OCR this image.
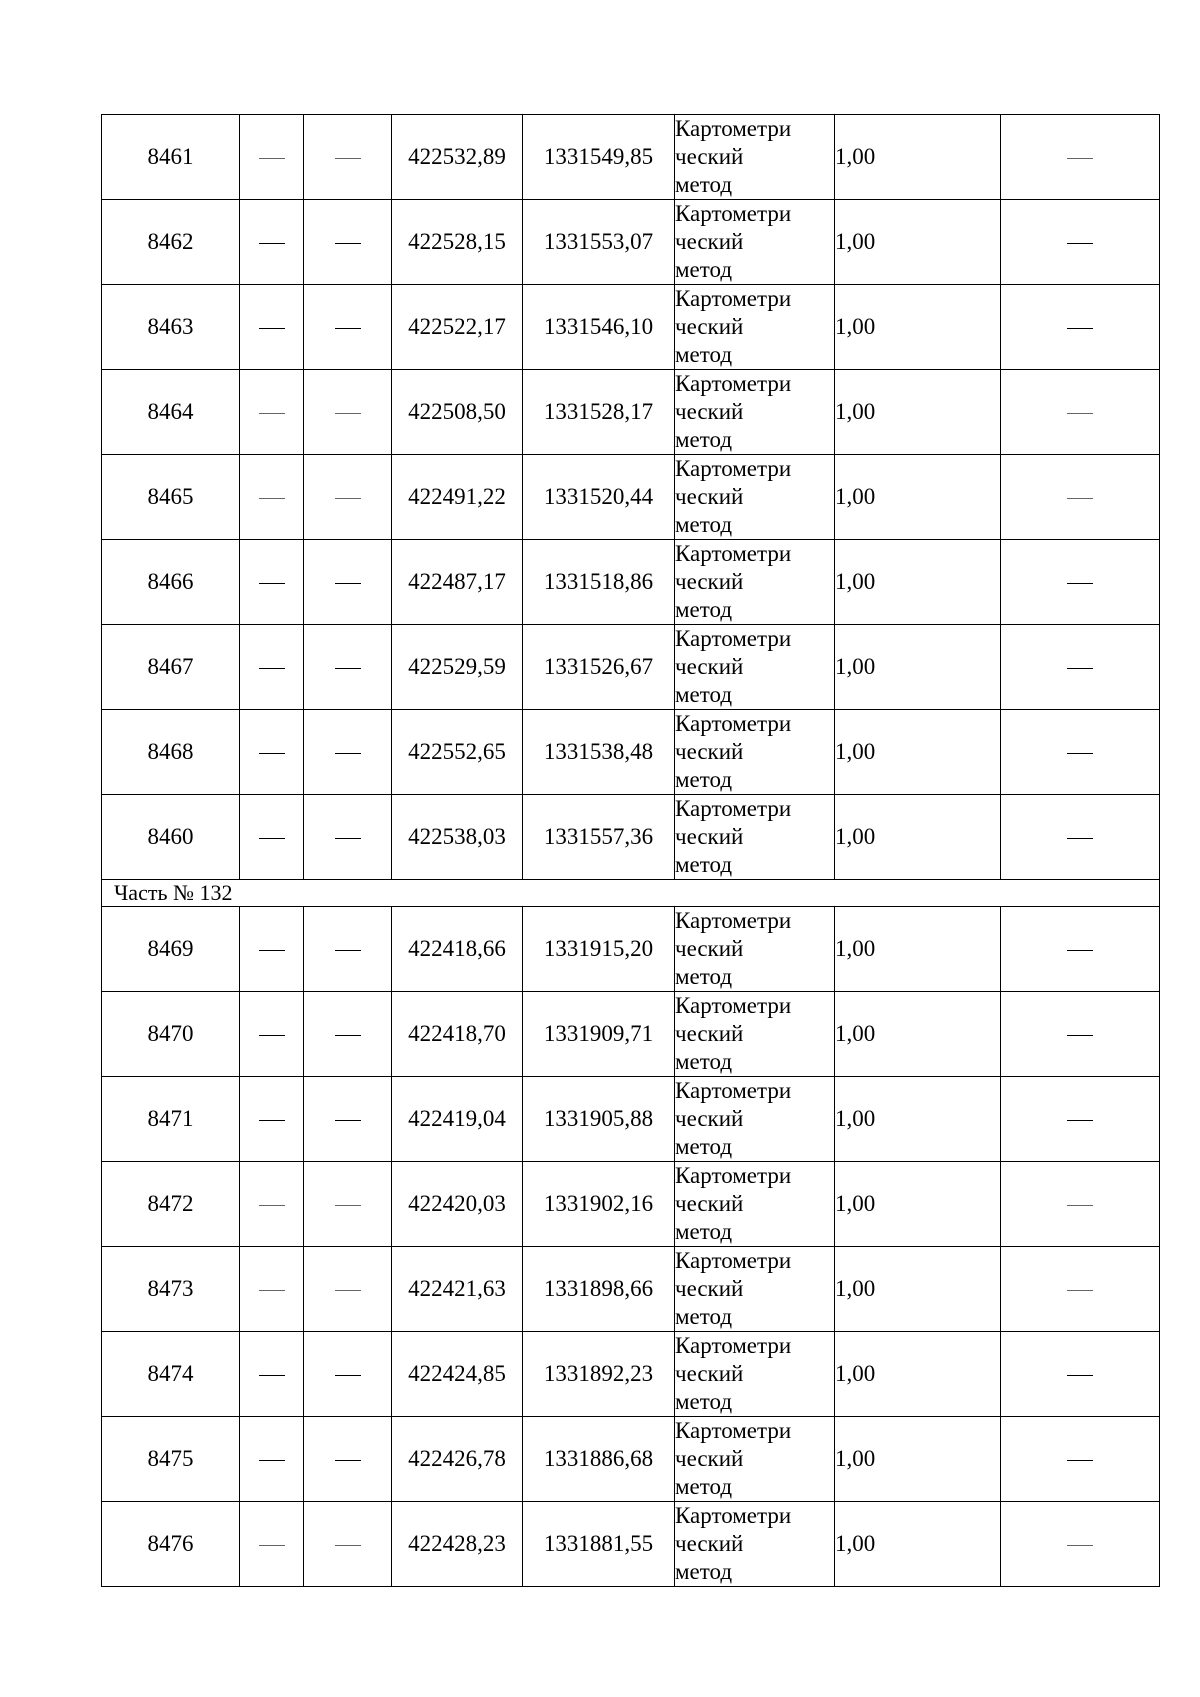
8461			422532,89	1331549,85	Картометри
ческий
метод	1,00	
8462			422528,15	1331553,07	Картометри
ческий
метод	1,00	
8463			422522,17	1331546,10	Картометри
ческий
метод	1,00	
8464			422508,50	1331528,17	Картометри
ческий
метод	1,00	
8465			422491,22	1331520,44	Картометри
ческий
метод	1,00	
8466			422487,17	1331518,86	Картометри
ческий
метод	1,00	
8467			422529,59	1331526,67	Картометри
ческий
метод	1,00	
8468			422552,65	1331538,48	Картометри
ческий
метод	1,00	
8460			422538,03	1331557,36	Картометри
ческий
метод	1,00	
Часть № 132							
8469			422418,66	1331915,20	Картометри
ческий
метод	1,00	
8470			422418,70	1331909,71	Картометри
ческий
метод	1,00	
8471			422419,04	1331905,88	Картометри
ческий
метод	1,00	
8472			422420,03	1331902,16	Картометри
ческий
метод	1,00	
8473			422421,63	1331898,66	Картометри
ческий
метод	1,00	
8474			422424,85	1331892,23	Картометри
ческий
метод	1,00	
8475			422426,78	1331886,68	Картометри
ческий
метод	1,00	
8476			422428,23	1331881,55	Картометри
ческий
метод	1,00	
